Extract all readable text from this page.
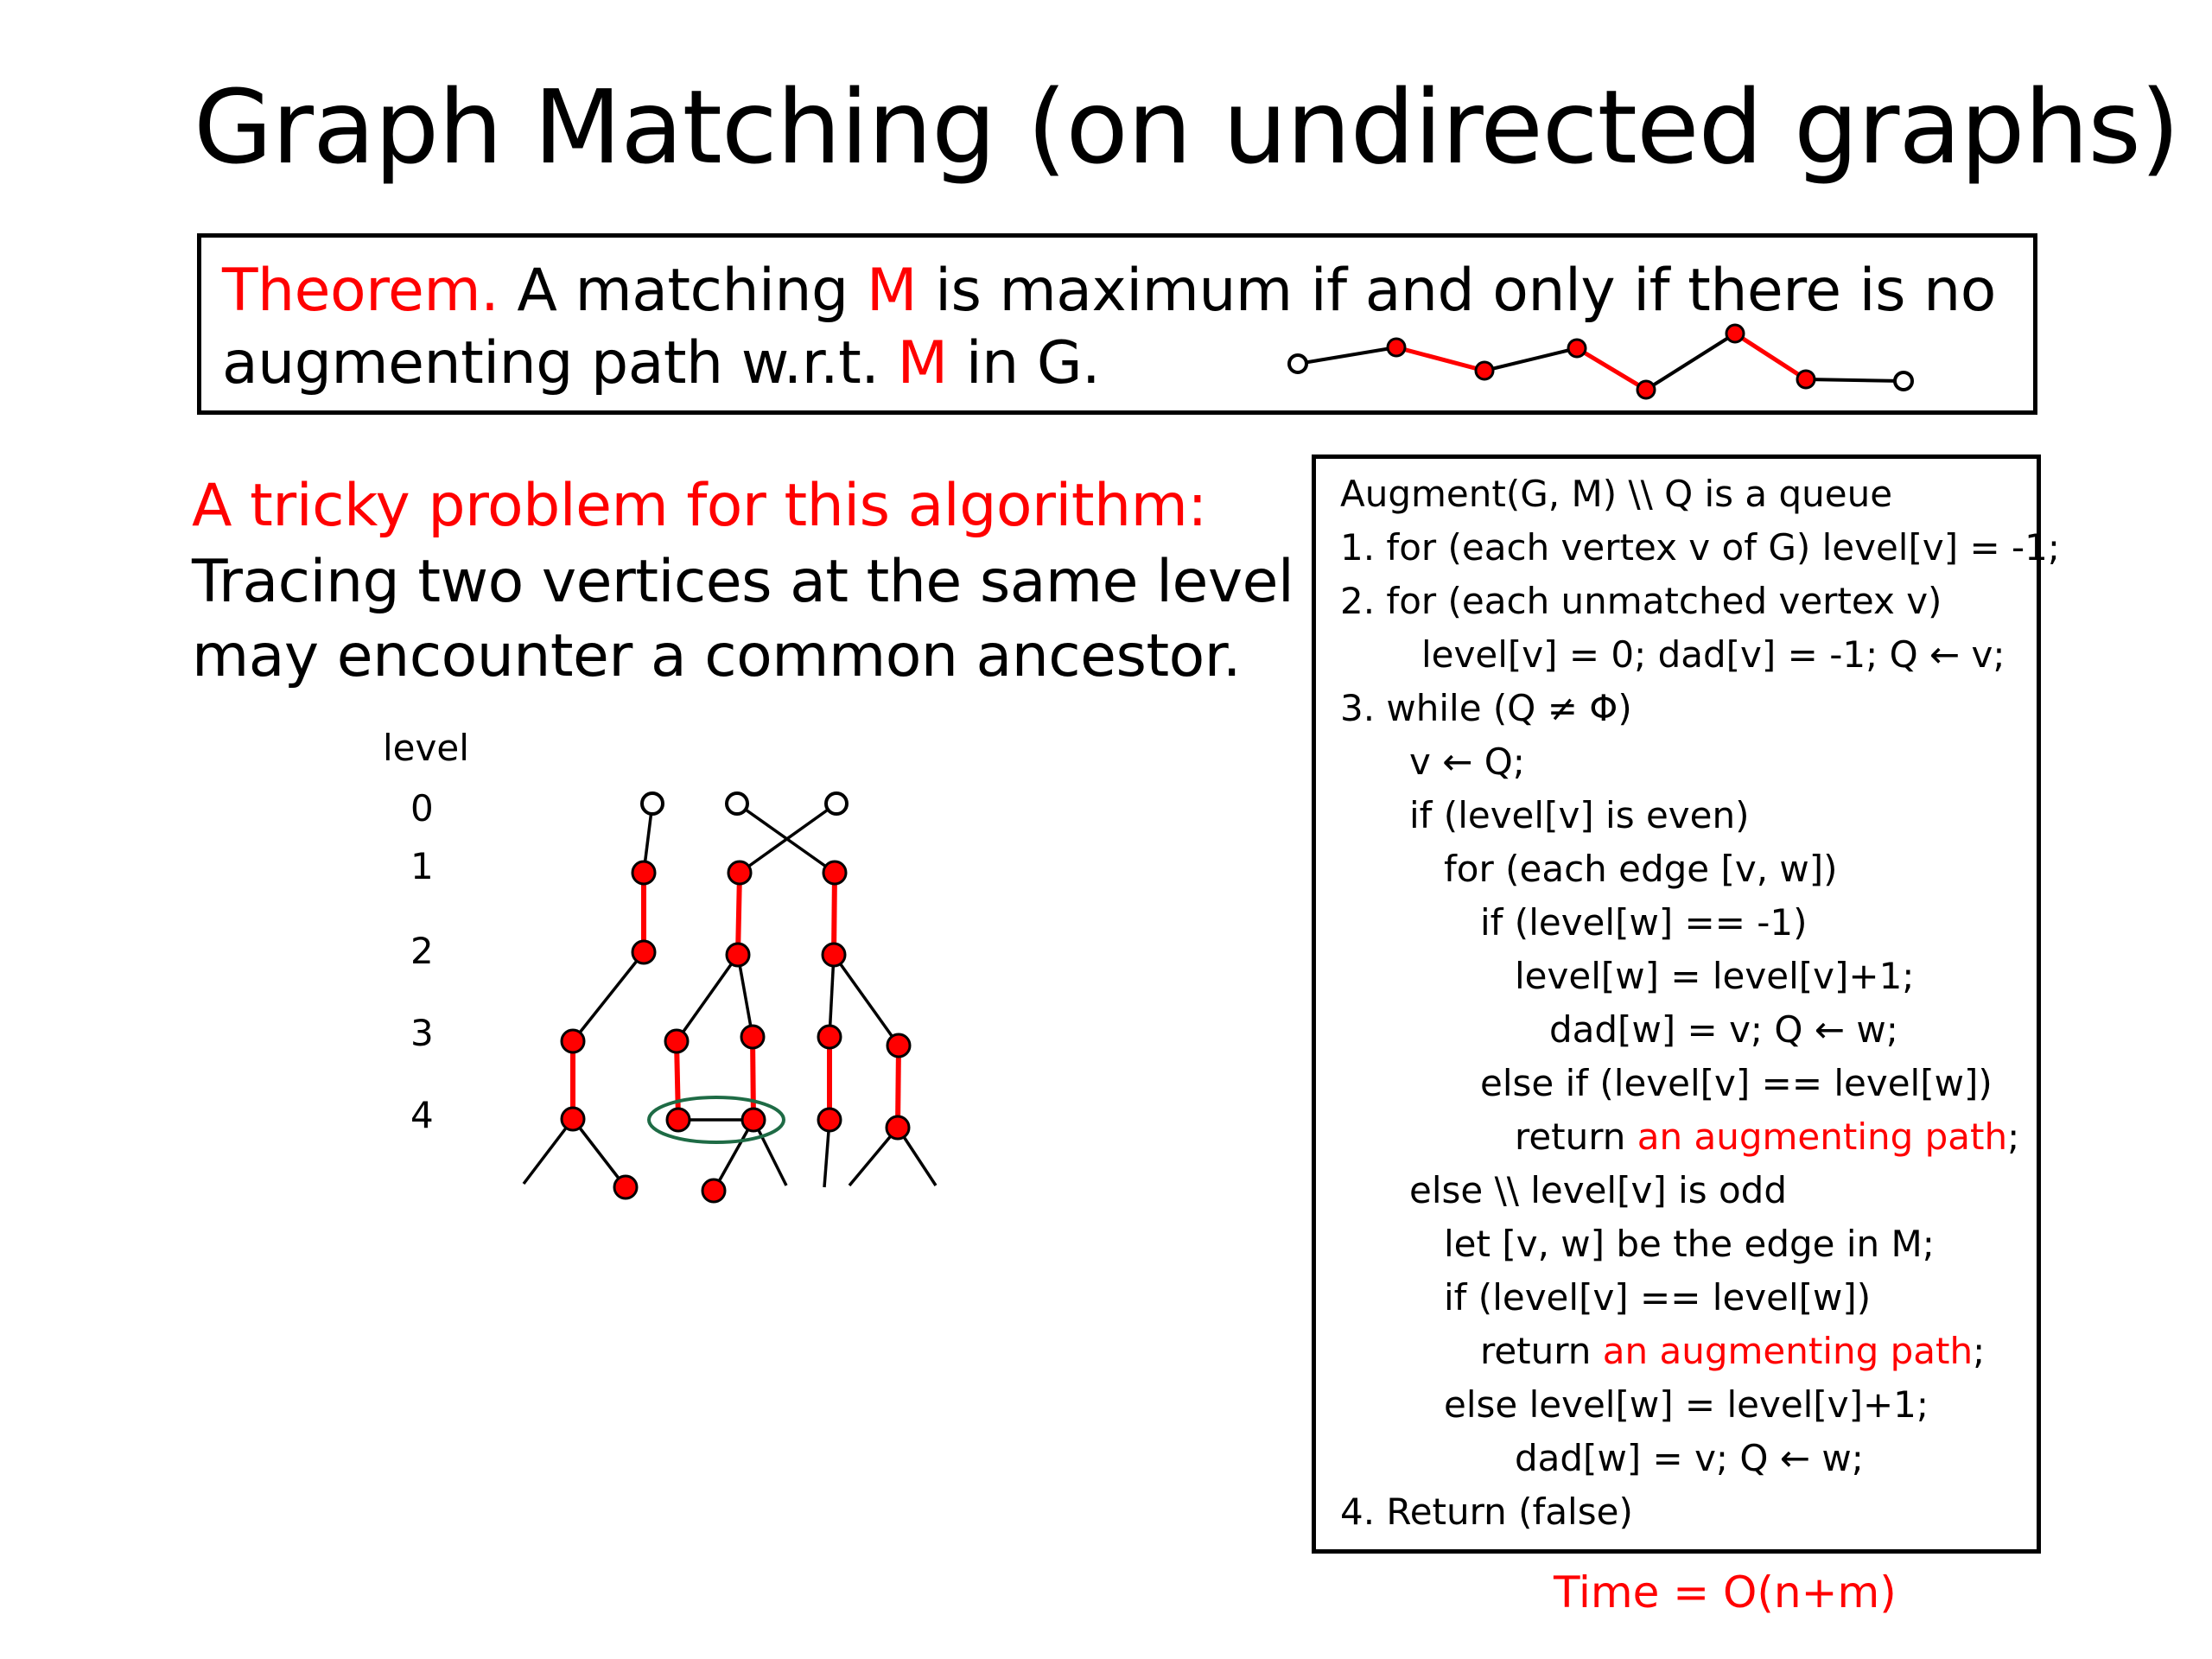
Graph Matching (on undirected graphs)
Theorem. A matching M is maximum if and only if there is no
augmenting path w.r.t. M in G.
A tricky problem for this algorithm:
Tracing two vertices at the same level
may encounter a common ancestor.
level
0
1
2
3
4
Augment(G, M) \\ Q is a queue
1. for (each vertex v of G) level[v] = -1;
2. for (each unmatched vertex v)
level[v] = 0; dad[v] = -1; Q ← v;
3. while (Q ≠ Φ)
v ← Q;
if (level[v] is even)
for (each edge [v, w])
if (level[w] == -1)
level[w] = level[v]+1;
dad[w] = v; Q ← w;
else if (level[v] == level[w])
return an augmenting path;
else \\ level[v] is odd
let [v, w] be the edge in M;
if (level[v] == level[w])
return an augmenting path;
else level[w] = level[v]+1;
dad[w] = v; Q ← w;
4. Return (false)
Time = O(n+m)
